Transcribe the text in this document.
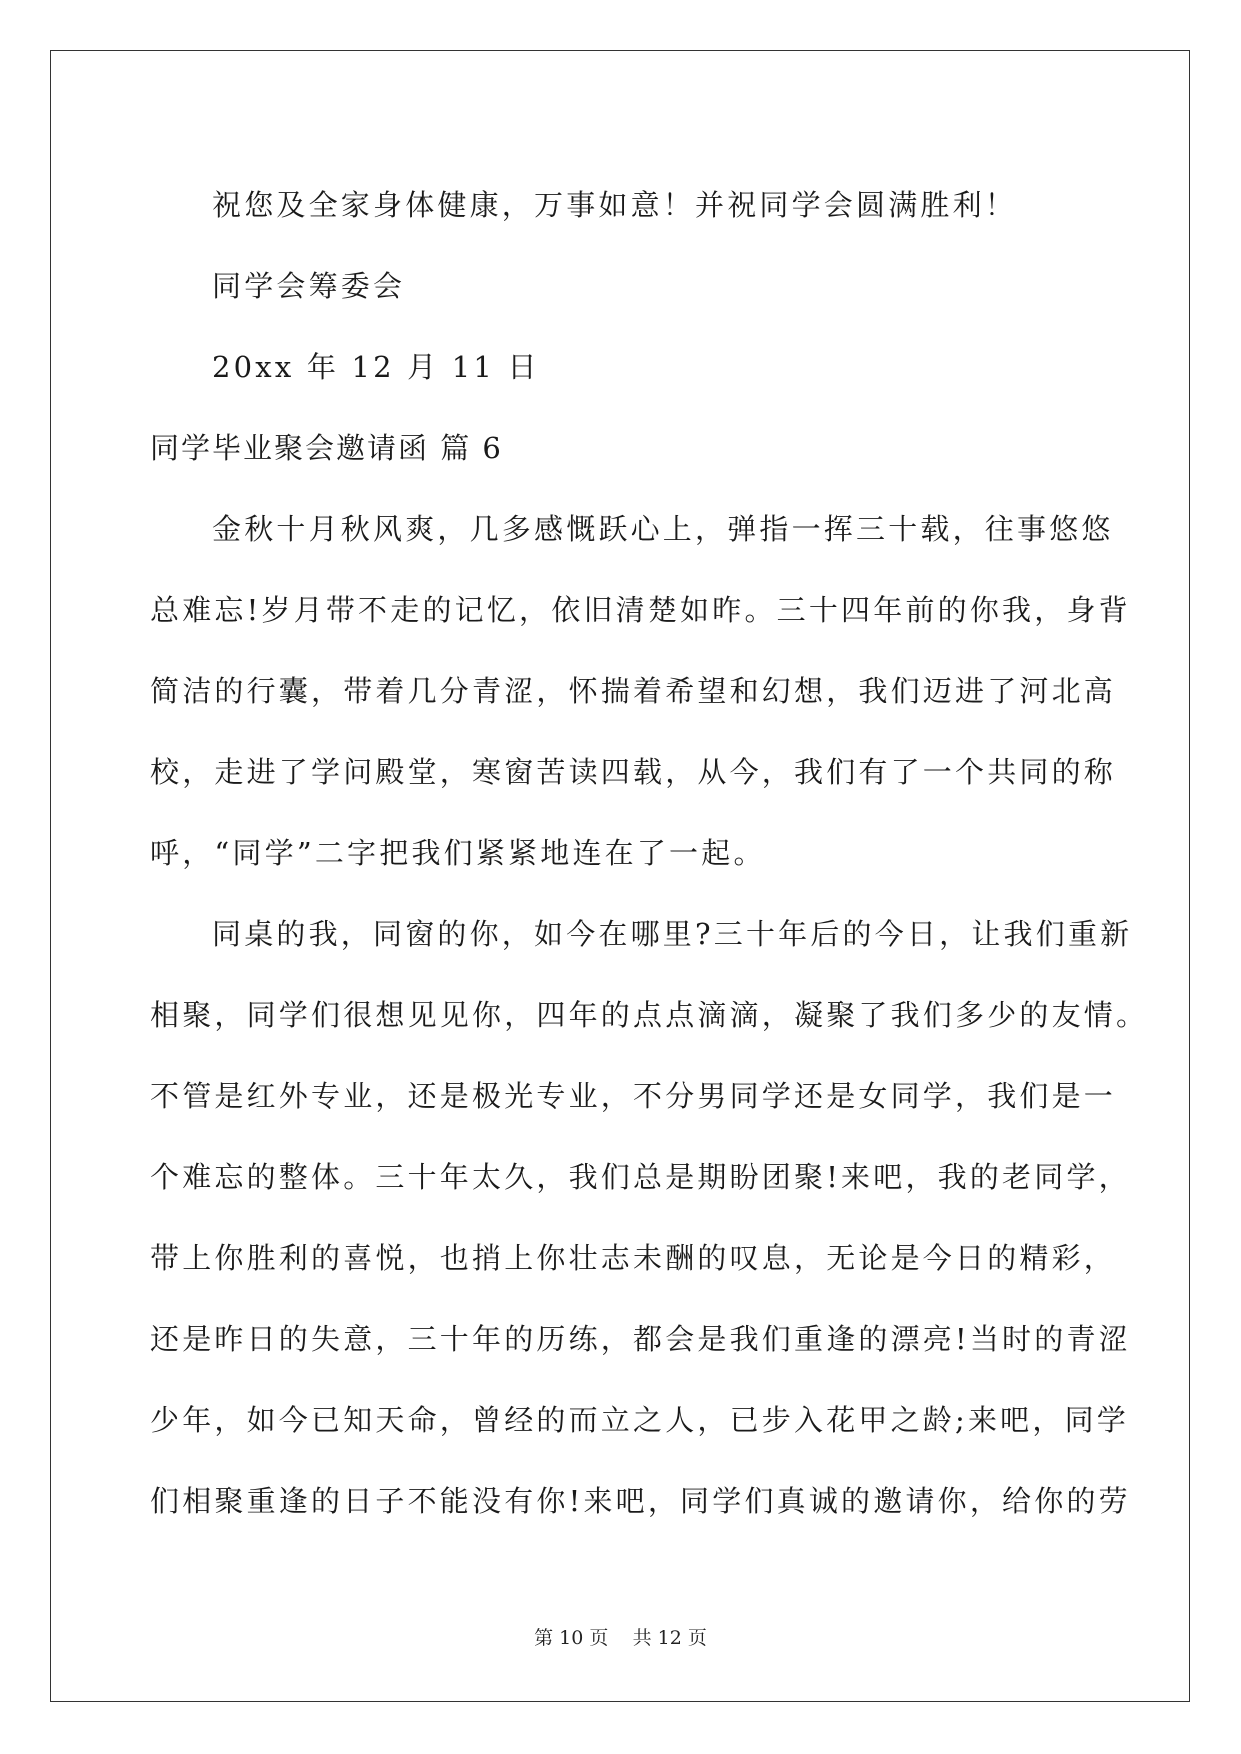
祝您及全家身体健康，万事如意！并祝同学会圆满胜利！
同学会筹委会
20xx 年 12 月 11 日
同学毕业聚会邀请函 篇 6
金秋十月秋风爽，几多感慨跃心上，弹指一挥三十载，往事悠悠
总难忘!岁月带不走的记忆，依旧清楚如昨。三十四年前的你我，身背
简洁的行囊，带着几分青涩，怀揣着希望和幻想，我们迈进了河北高
校，走进了学问殿堂，寒窗苦读四载，从今，我们有了一个共同的称
呼，“同学”二字把我们紧紧地连在了一起。
同桌的我，同窗的你，如今在哪里?三十年后的今日，让我们重新
相聚，同学们很想见见你，四年的点点滴滴，凝聚了我们多少的友情。
不管是红外专业，还是极光专业，不分男同学还是女同学，我们是一
个难忘的整体。三十年太久，我们总是期盼团聚!来吧，我的老同学，
带上你胜利的喜悦，也捎上你壮志未酬的叹息，无论是今日的精彩，
还是昨日的失意，三十年的历练，都会是我们重逢的漂亮!当时的青涩
少年，如今已知天命，曾经的而立之人，已步入花甲之龄;来吧，同学
们相聚重逢的日子不能没有你!来吧，同学们真诚的邀请你，给你的劳
第 10 页 共 12 页
